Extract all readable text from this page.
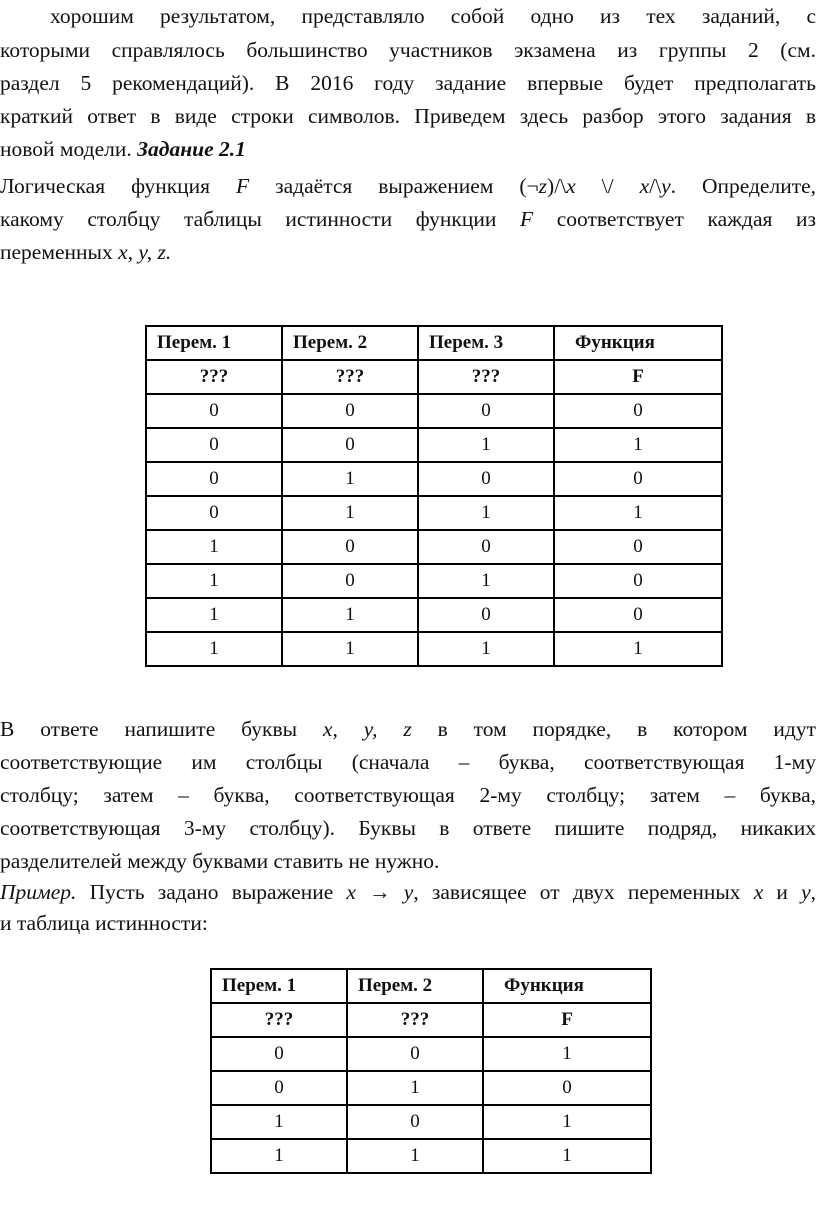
хорошим результатом, представляло собой одно из тех заданий, с
которыми справлялось большинство участников экзамена из группы 2 (см.
раздел 5 рекомендаций). В 2016 году задание впервые будет предполагать
краткий ответ в виде строки символов. Приведем здесь разбор этого задания в
новой модели. Задание 2.1
Логическая функция F задаётся выражением (¬z)/\x \/ x/\y. Определите,
какому столбцу таблицы истинности функции F соответствует каждая из
переменных x, y, z.
Перем. 1	Перем. 2	Перем. 3	Функция
???	???	???	F
0	0	0	0
0	0	1	1
0	1	0	0
0	1	1	1
1	0	0	0
1	0	1	0
1	1	0	0
1	1	1	1
В ответе напишите буквы x, y, z в том порядке, в котором идут
соответствующие им столбцы (сначала – буква, соответствующая 1-му
столбцу; затем – буква, соответствующая 2-му столбцу; затем – буква,
соответствующая 3-му столбцу). Буквы в ответе пишите подряд, никаких
разделителей между буквами ставить не нужно.
Пример. Пусть задано выражение x → y, зависящее от двух переменных x и y,
и таблица истинности:
Перем. 1	Перем. 2	Функция
???	???	F
0	0	1
0	1	0
1	0	1
1	1	1
